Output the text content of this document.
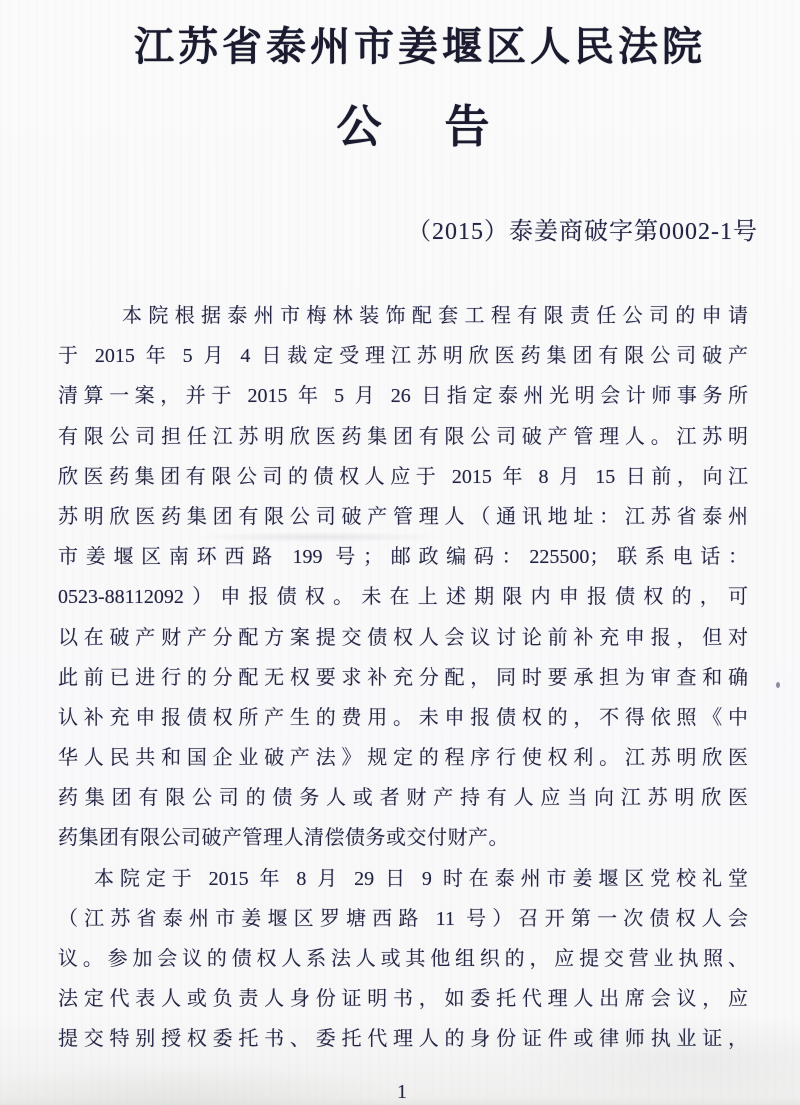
江苏省泰州市姜堰区人民法院
公 告
（2015）泰姜商破字第0002-1号
本院根据泰州市梅林装饰配套工程有限责任公司的申请
于 2015 年 5 月 4 日裁定受理江苏明欣医药集团有限公司破产
清算一案，并于 2015 年 5 月 26 日指定泰州光明会计师事务所
有限公司担任江苏明欣医药集团有限公司破产管理人。江苏明
欣医药集团有限公司的债权人应于 2015 年 8 月 15 日前，向江
苏明欣医药集团有限公司破产管理人（通讯地址：江苏省泰州
市姜堰区南环西路 199 号；邮政编码：225500；联系电话：
0523-88112092）申报债权。未在上述期限内申报债权的，可
以在破产财产分配方案提交债权人会议讨论前补充申报，但对
此前已进行的分配无权要求补充分配，同时要承担为审查和确
认补充申报债权所产生的费用。未申报债权的，不得依照《中
华人民共和国企业破产法》规定的程序行使权利。江苏明欣医
药集团有限公司的债务人或者财产持有人应当向江苏明欣医
药集团有限公司破产管理人清偿债务或交付财产。
本院定于 2015 年 8 月 29 日 9 时在泰州市姜堰区党校礼堂
（江苏省泰州市姜堰区罗塘西路 11 号）召开第一次债权人会
议。参加会议的债权人系法人或其他组织的，应提交营业执照、
法定代表人或负责人身份证明书，如委托代理人出席会议，应
提交特别授权委托书、委托代理人的身份证件或律师执业证，
1
